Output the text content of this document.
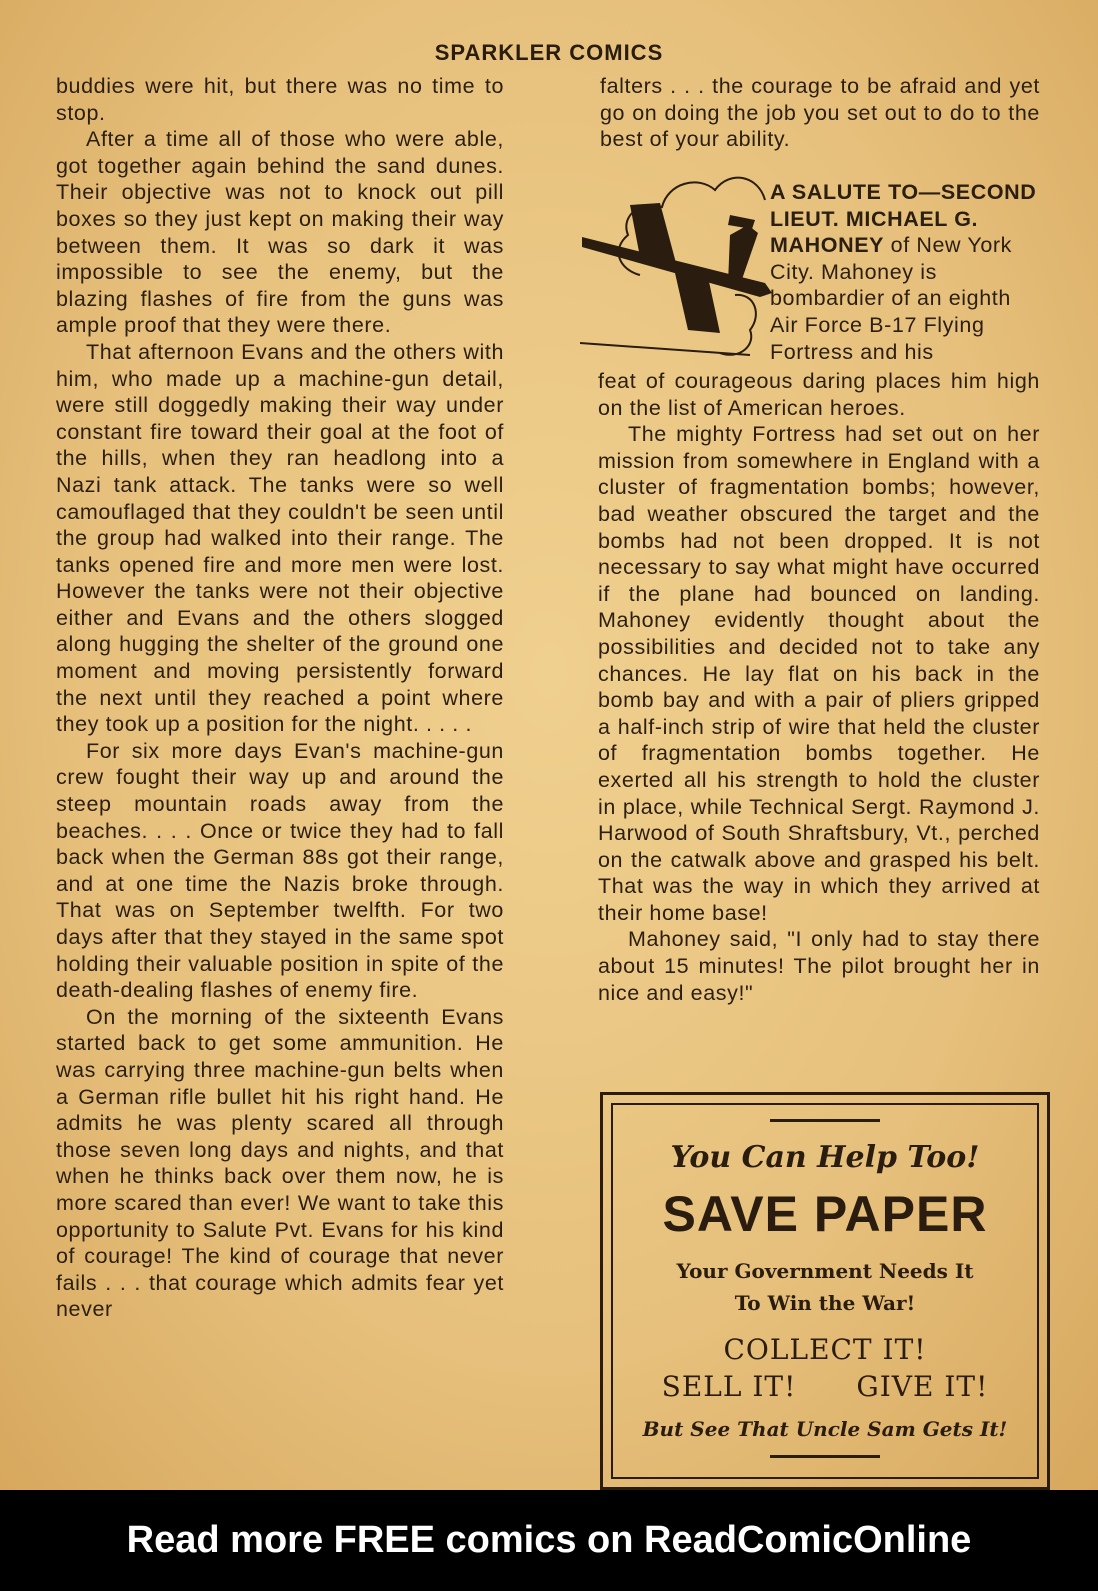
SPARKLER COMICS

buddies were hit, but there was no time to stop.

After a time all of those who were able, got together again behind the sand dunes. Their objective was not to knock out pill boxes so they just kept on making their way between them. It was so dark it was impossible to see the enemy, but the blazing flashes of fire from the guns was ample proof that they were there.

That afternoon Evans and the others with him, who made up a machine-gun detail, were still doggedly making their way under constant fire toward their goal at the foot of the hills, when they ran headlong into a Nazi tank attack. The tanks were so well camouflaged that they couldn't be seen until the group had walked into their range. The tanks opened fire and more men were lost. However the tanks were not their objective either and Evans and the others slogged along hugging the shelter of the ground one moment and moving persistently forward the next until they reached a point where they took up a position for the night. . . . .

For six more days Evan's machine-gun crew fought their way up and around the steep mountain roads away from the beaches. . . . Once or twice they had to fall back when the German 88s got their range, and at one time the Nazis broke through. That was on September twelfth. For two days after that they stayed in the same spot holding their valuable position in spite of the death-dealing flashes of enemy fire.

On the morning of the sixteenth Evans started back to get some ammunition. He was carrying three machine-gun belts when a German rifle bullet hit his right hand. He admits he was plenty scared all through those seven long days and nights, and that when he thinks back over them now, he is more scared than ever! We want to take this opportunity to Salute Pvt. Evans for his kind of courage! The kind of courage that never fails . . . that courage which admits fear yet never

falters . . . the courage to be afraid and yet go on doing the job you set out to do to the best of your ability.

A SALUTE TO—SECOND LIEUT. MICHAEL G. MAHONEY of New York City. Mahoney is bombardier of an eighth Air Force B-17 Flying Fortress and his

feat of courageous daring places him high on the list of American heroes.

The mighty Fortress had set out on her mission from somewhere in England with a cluster of fragmentation bombs; however, bad weather obscured the target and the bombs had not been dropped. It is not necessary to say what might have occurred if the plane had bounced on landing. Mahoney evidently thought about the possibilities and decided not to take any chances. He lay flat on his back in the bomb bay and with a pair of pliers gripped a half-inch strip of wire that held the cluster of fragmentation bombs together. He exerted all his strength to hold the cluster in place, while Technical Sergt. Raymond J. Harwood of South Shraftsbury, Vt., perched on the catwalk above and grasped his belt. That was the way in which they arrived at their home base!

Mahoney said, "I only had to stay there about 15 minutes! The pilot brought her in nice and easy!"

You Can Help Too!
SAVE PAPER
Your Government Needs It
To Win the War!
COLLECT IT!
SELL IT! GIVE IT!
But See That Uncle Sam Gets It!
Read more FREE comics on ReadComicOnline
